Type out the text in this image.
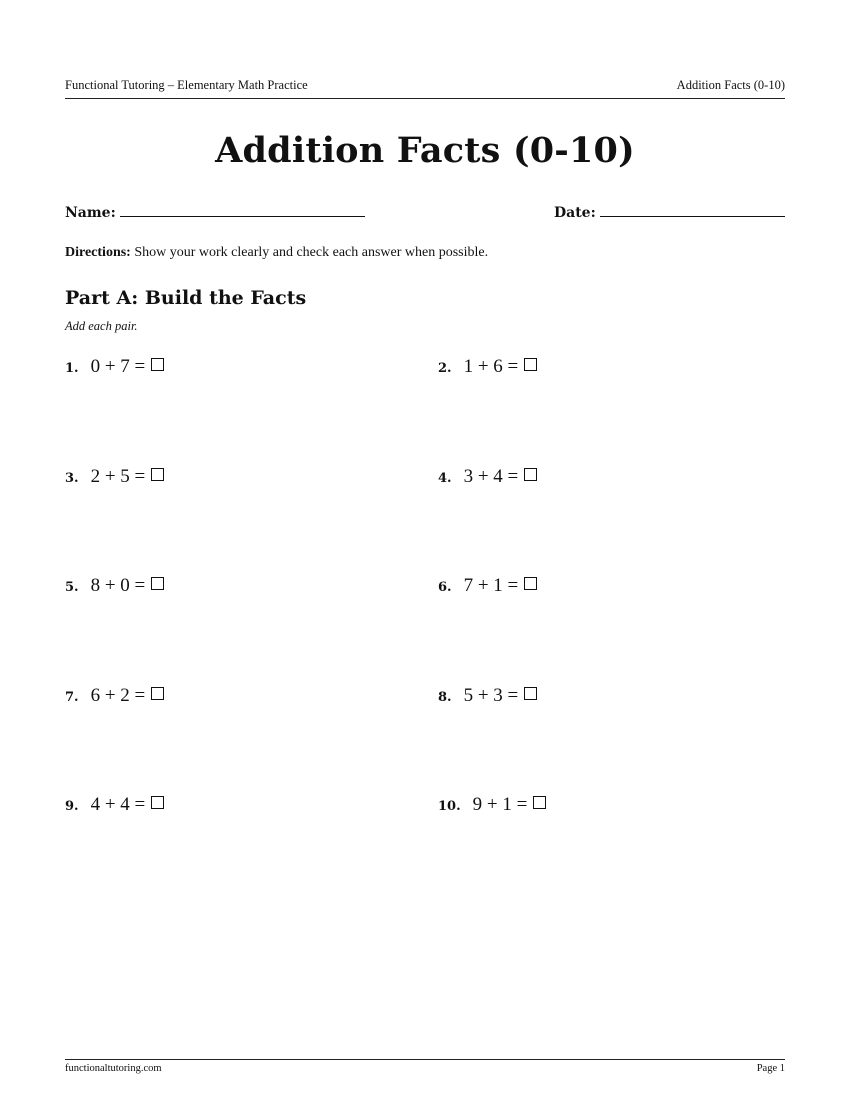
Functional Tutoring – Elementary Math Practice	Addition Facts (0-10)
Addition Facts (0-10)
Name:	Date:
Directions: Show your work clearly and check each answer when possible.
Part A: Build the Facts
Add each pair.
1. 0 + 7 =	2. 1 + 6 =
3. 2 + 5 =	4. 3 + 4 =
5. 8 + 0 =	6. 7 + 1 =
7. 6 + 2 =	8. 5 + 3 =
9. 4 + 4 =	10. 9 + 1 =
functionaltutoring.com	Page 1
